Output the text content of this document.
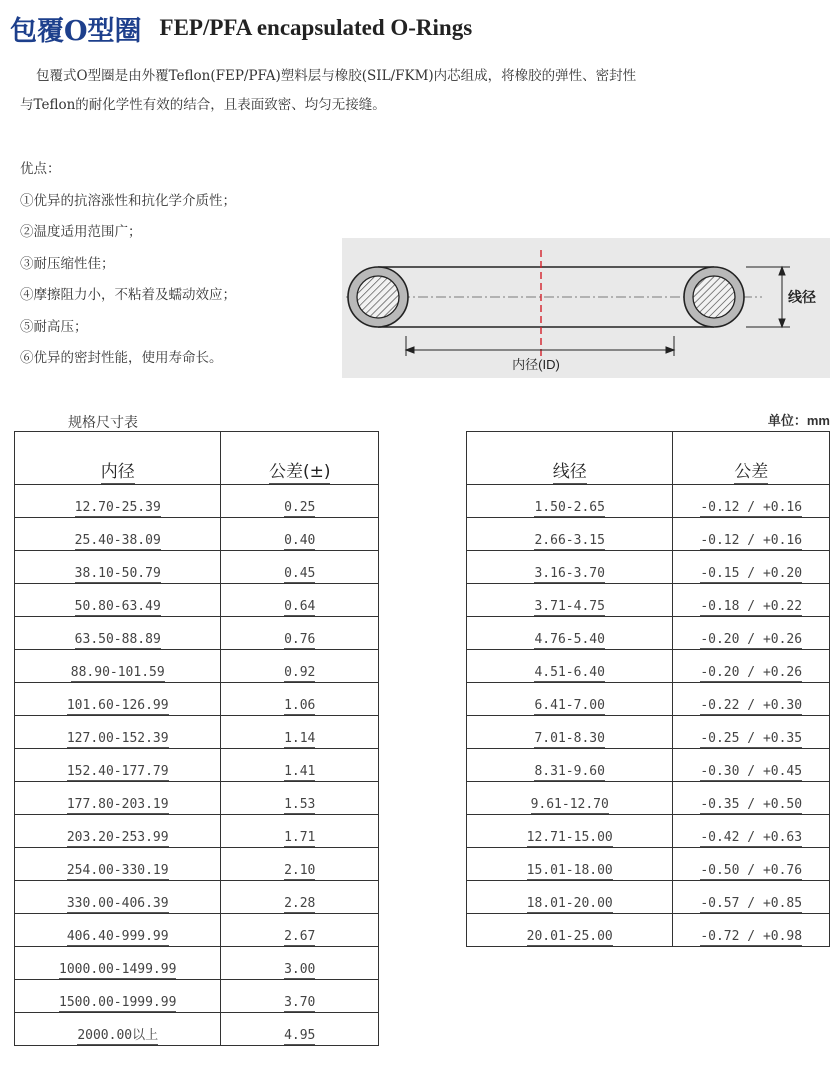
包覆O型圈 FEP/PFA encapsulated O-Rings

包覆式O型圈是由外覆Teflon(FEP/PFA)塑料层与橡胶(SIL/FKM)内芯组成，将橡胶的弹性、密封性

与Teflon的耐化学性有效的结合，且表面致密、均匀无接缝。

优点：
①优异的抗溶涨性和抗化学介质性；
②温度适用范围广；
③耐压缩性佳；
④摩擦阻力小，不粘着及蠕动效应；
⑤耐高压；
⑥优异的密封性能，使用寿命长。	内径(ID)
线径
规格尺寸表	单位：mm
内径	公差(±)
12.70-25.39	0.25
25.40-38.09	0.40
38.10-50.79	0.45
50.80-63.49	0.64
63.50-88.89	0.76
88.90-101.59	0.92
101.60-126.99	1.06
127.00-152.39	1.14
152.40-177.79	1.41
177.80-203.19	1.53
203.20-253.99	1.71
254.00-330.19	2.10
330.00-406.39	2.28
406.40-999.99	2.67
1000.00-1499.99	3.00
1500.00-1999.99	3.70
2000.00以上	4.95
线径	公差
1.50-2.65	-0.12 / +0.16
2.66-3.15	-0.12 / +0.16
3.16-3.70	-0.15 / +0.20
3.71-4.75	-0.18 / +0.22
4.76-5.40	-0.20 / +0.26
4.51-6.40	-0.20 / +0.26
6.41-7.00	-0.22 / +0.30
7.01-8.30	-0.25 / +0.35
8.31-9.60	-0.30 / +0.45
9.61-12.70	-0.35 / +0.50
12.71-15.00	-0.42 / +0.63
15.01-18.00	-0.50 / +0.76
18.01-20.00	-0.57 / +0.85
20.01-25.00	-0.72 / +0.98
